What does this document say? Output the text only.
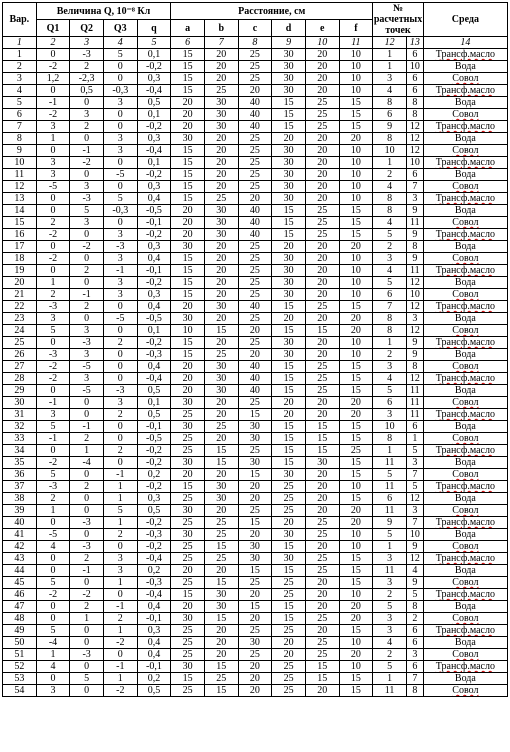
Вар.	Величина Q, 10⁻⁸ Кл				Расстояние, см						№ расчетных точек		Среда
	Q1	Q2	Q3	q	a	b	c	d	e	f			
1	2	3	4	5	6	7	8	9	10	11	12	13	14
1	0	-3	5	0,1	15	20	25	30	20	10	1	6	Трансф.масло
2	-2	2	0	-0,2	15	20	25	30	20	10	1	10	Вода
3	1,2	-2,3	0	0,3	15	20	25	30	20	10	3	6	Совол
4	0	0,5	-0,3	-0,4	15	25	20	30	20	10	4	6	Трансф.масло
5	-1	0	3	0,5	20	30	40	15	25	15	8	8	Вода
6	-2	3	0	0,1	20	30	40	15	25	15	6	8	Совол
7	3	2	0	-0,2	20	30	40	15	25	15	9	12	Трансф.масло
8	1	0	3	0,3	30	20	25	20	20	20	8	12	Вода
9	0	-1	3	-0,4	15	20	25	30	20	10	10	12	Совол
10	3	-2	0	0,1	15	20	25	30	20	10	1	10	Трансф.масло
11	3	0	-5	-0,2	15	20	25	30	20	10	2	6	Вода
12	-5	3	0	0,3	15	20	25	30	20	10	4	7	Совол
13	0	-3	5	0,4	15	25	20	30	20	10	8	3	Трансф.масло
14	0	5	-0,3	-0,5	20	30	40	15	25	15	8	9	Вода
15	2	3	0	-0,1	20	30	40	15	25	15	4	11	Совол
16	-2	0	3	-0,2	20	30	40	15	25	15	5	9	Трансф.масло
17	0	-2	-3	0,3	30	20	25	20	20	20	2	8	Вода
18	-2	0	3	0,4	15	20	25	30	20	10	3	9	Совол
19	0	2	-1	-0,1	15	20	25	30	20	10	4	11	Трансф.масло
20	1	0	3	-0,2	15	20	25	30	20	10	5	12	Вода
21	2	-1	3	0,3	15	20	25	30	20	10	6	10	Совол
22	-3	2	0	0,4	20	30	40	15	25	15	7	12	Трансф.масло
23	3	0	-5	-0,5	30	20	25	20	20	20	8	3	Вода
24	5	3	0	0,1	10	15	20	15	15	20	8	12	Совол
25	0	-3	2	-0,2	15	20	25	30	20	10	1	9	Трансф.масло
26	-3	3	0	-0,3	15	25	20	30	20	10	2	9	Вода
27	-2	-5	0	0,4	20	30	40	15	25	15	3	8	Совол
28	-2	3	0	-0,4	20	30	40	15	25	15	4	12	Трансф.масло
29	0	-5	-3	0,5	20	30	40	15	25	15	5	11	Вода
30	-1	0	3	0,1	30	20	25	20	20	20	6	11	Совол
31	3	0	2	0,5	25	20	15	20	20	20	3	11	Трансф.масло
32	5	-1	0	-0,1	30	25	30	15	15	15	10	6	Вода
33	-1	2	0	-0,5	25	20	30	15	15	15	8	1	Совол
34	0	1	2	-0,2	25	15	25	15	15	25	1	5	Трансф.масло
35	-2	-4	0	-0,2	30	15	30	15	30	15	11	3	Вода
36	5	0	-1	0,2	20	20	15	30	20	15	5	7	Совол
37	-3	2	1	-0,2	15	30	20	25	20	10	11	5	Трансф.масло
38	2	0	1	0,3	25	30	20	25	20	15	6	12	Вода
39	1	0	5	0,5	30	20	25	25	20	20	11	3	Совол
40	0	-3	1	-0,2	25	25	15	20	25	20	9	7	Трансф.масло
41	-5	0	2	-0,3	30	25	20	30	25	10	5	10	Вода
42	4	-3	0	-0,2	25	15	30	15	20	10	1	9	Совол
43	0	2	3	-0,4	25	25	30	30	25	15	3	12	Трансф.масло
44	0	-1	3	0,2	20	20	15	15	25	15	11	4	Вода
45	5	0	1	-0,3	25	15	25	25	20	15	3	9	Совол
46	-2	-2	0	-0,4	15	30	20	25	20	10	2	5	Трансф.масло
47	0	2	-1	0,4	20	30	15	15	20	20	5	8	Вода
48	0	1	2	-0,1	30	15	20	15	25	20	3	2	Совол
49	5	0	1	0,3	25	20	25	25	20	15	3	6	Трансф.масло
50	-4	0	-2	0,4	25	20	30	20	25	10	4	6	Вода
51	1	-3	0	0,4	25	20	25	20	25	20	2	3	Совол
52	4	0	-1	-0,1	30	15	20	25	15	10	5	6	Трансф.масло
53	0	5	1	0,2	15	25	20	25	15	15	1	7	Вода
54	3	0	-2	0,5	25	15	20	25	20	15	11	8	Совол
